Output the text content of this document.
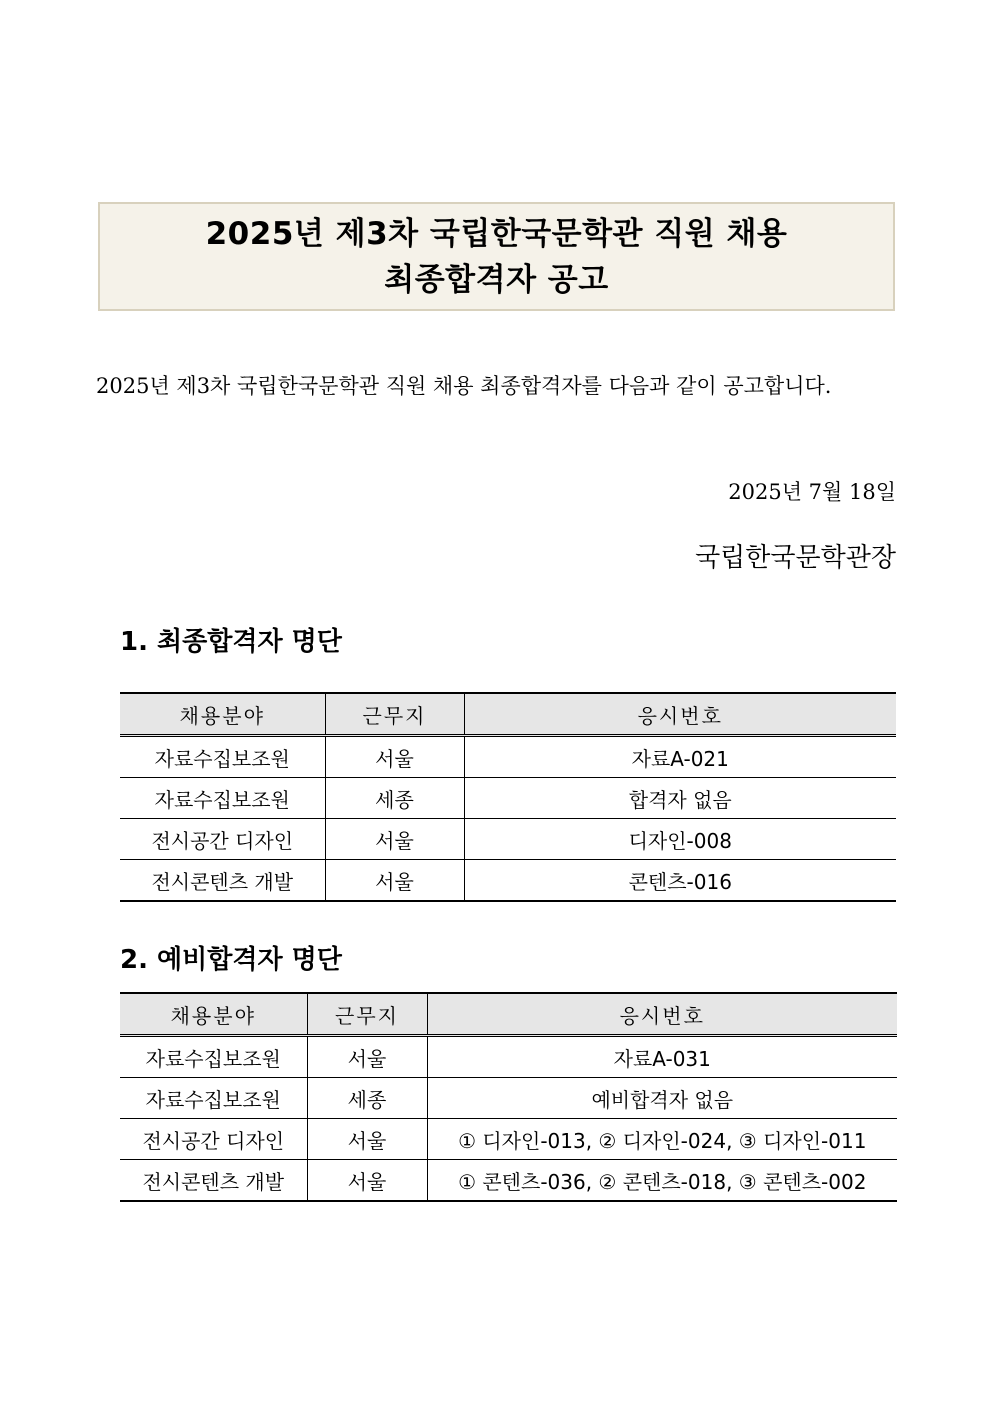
2025년 제3차 국립한국문학관 직원 채용
최종합격자 공고
2025년 제3차 국립한국문학관 직원 채용 최종합격자를 다음과 같이 공고합니다.
2025년 7월 18일
국립한국문학관장
1. 최종합격자 명단
채용분야	근무지	응시번호
자료수집보조원	서울	자료A-021
자료수집보조원	세종	합격자 없음
전시공간 디자인	서울	디자인-008
전시콘텐츠 개발	서울	콘텐츠-016
2. 예비합격자 명단
채용분야	근무지	응시번호
자료수집보조원	서울	자료A-031
자료수집보조원	세종	예비합격자 없음
전시공간 디자인	서울	① 디자인-013, ② 디자인-024, ③ 디자인-011
전시콘텐츠 개발	서울	① 콘텐츠-036, ② 콘텐츠-018, ③ 콘텐츠-002
